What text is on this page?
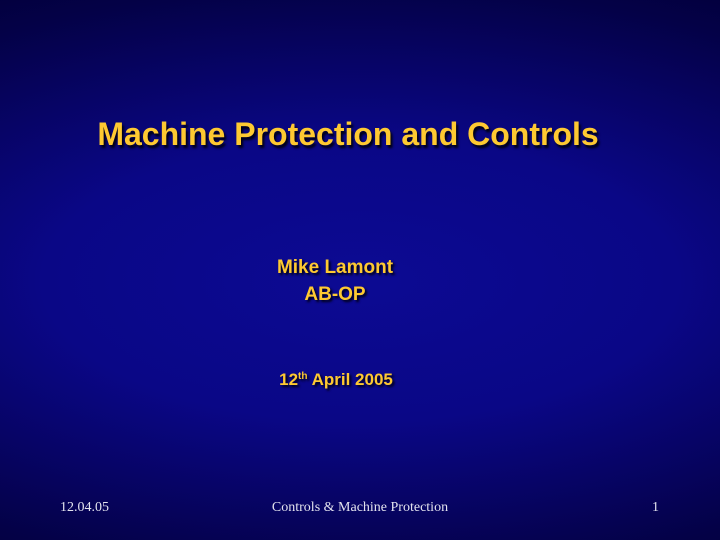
Machine Protection and Controls
Mike Lamont
AB-OP
12th April 2005
12.04.05	Controls & Machine Protection	1
